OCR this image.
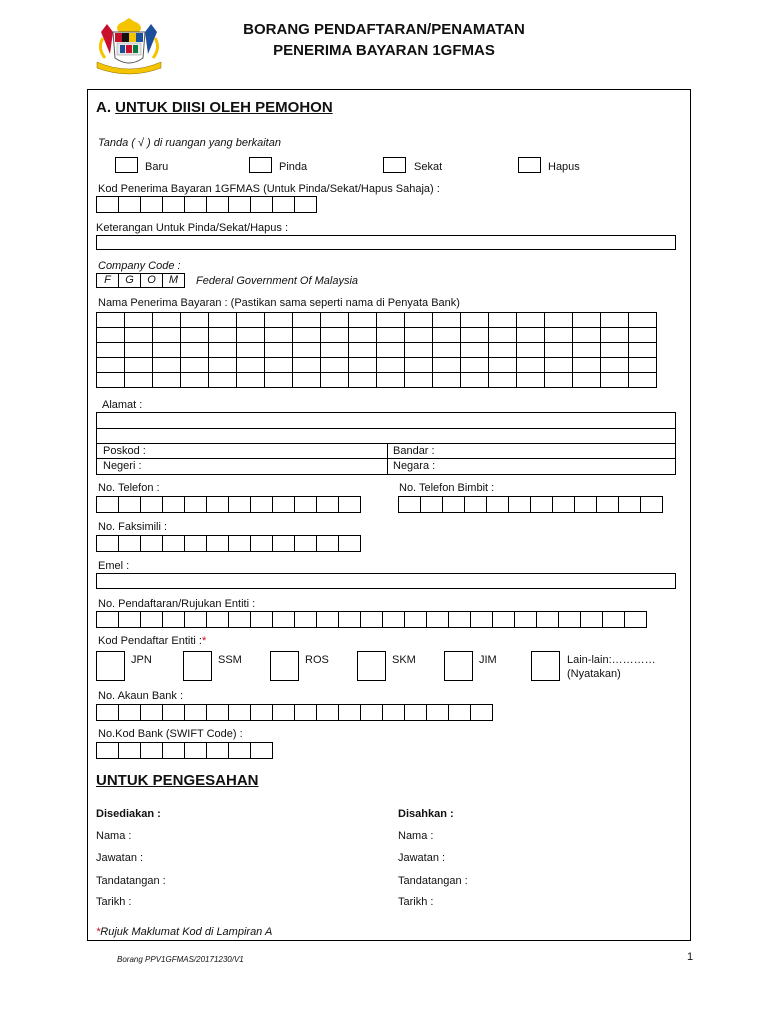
BORANG PENDAFTARAN/PENAMATAN
PENERIMA BAYARAN 1GFMAS
A. UNTUK DIISI OLEH PEMOHON
Tanda ( √ ) di ruangan yang berkaitan
Baru	Pinda	Sekat	Hapus
Kod Penerima Bayaran 1GFMAS (Untuk Pinda/Sekat/Hapus Sahaja) :
Keterangan Untuk Pinda/Sekat/Hapus :
Company Code :
F	G	O	M	Federal Government Of Malaysia
Nama Penerima Bayaran : (Pastikan sama seperti nama di Penyata Bank)

Alamat :
Poskod :	Bandar :
Negeri :	Negara :
No. Telefon :	No. Telefon Bimbit :
No. Faksimili :
Emel :
No. Pendaftaran/Rujukan Entiti :
Kod Pendaftar Entiti :*
JPN	SSM	ROS	SKM	JIM	Lain-lain:…………
(Nyatakan)
No. Akaun Bank :
No.Kod Bank (SWIFT Code) :
UNTUK PENGESAHAN
Disediakan :
Nama :
Jawatan :
Tandatangan :
Tarikh :
Disahkan :
Nama :
Jawatan :
Tandatangan :
Tarikh :
*Rujuk Maklumat Kod di Lampiran A
Borang PPV1GFMAS/20171230/V1	1
